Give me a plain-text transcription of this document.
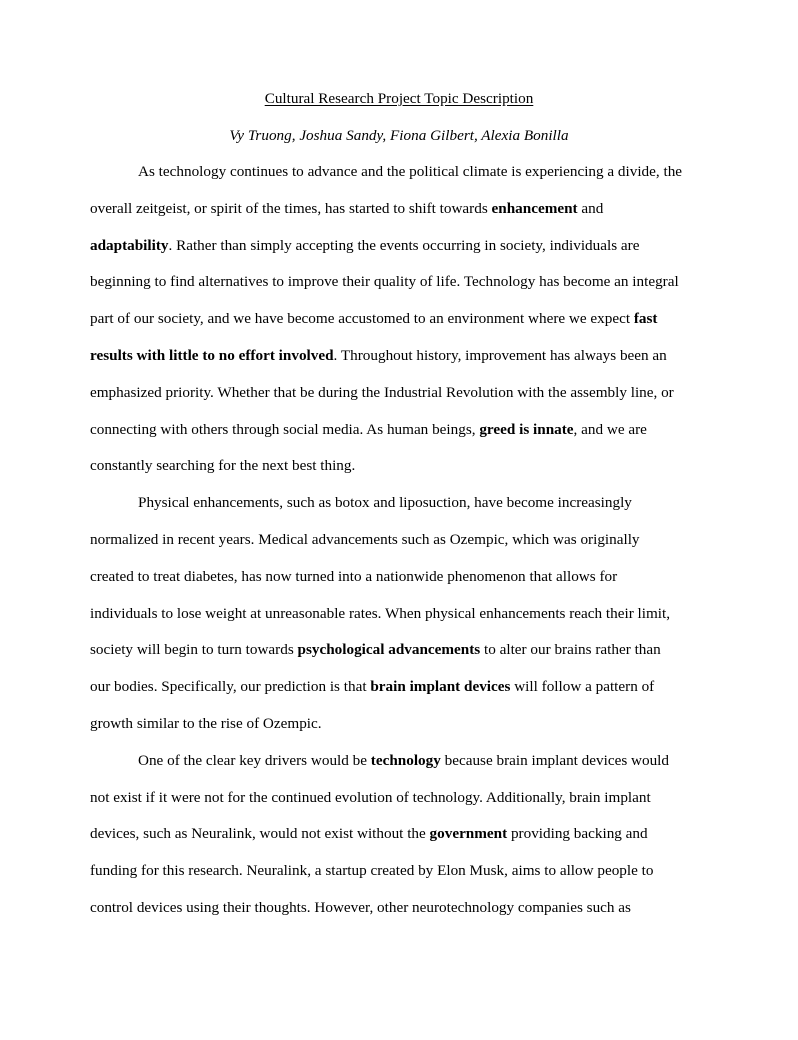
Cultural Research Project Topic Description
Vy Truong, Joshua Sandy, Fiona Gilbert, Alexia Bonilla
As technology continues to advance and the political climate is experiencing a divide, the
overall zeitgeist, or spirit of the times, has started to shift towards enhancement and
adaptability. Rather than simply accepting the events occurring in society, individuals are
beginning to find alternatives to improve their quality of life. Technology has become an integral
part of our society, and we have become accustomed to an environment where we expect fast
results with little to no effort involved. Throughout history, improvement has always been an
emphasized priority. Whether that be during the Industrial Revolution with the assembly line, or
connecting with others through social media. As human beings, greed is innate, and we are
constantly searching for the next best thing.
Physical enhancements, such as botox and liposuction, have become increasingly
normalized in recent years. Medical advancements such as Ozempic, which was originally
created to treat diabetes, has now turned into a nationwide phenomenon that allows for
individuals to lose weight at unreasonable rates. When physical enhancements reach their limit,
society will begin to turn towards psychological advancements to alter our brains rather than
our bodies. Specifically, our prediction is that brain implant devices will follow a pattern of
growth similar to the rise of Ozempic.
One of the clear key drivers would be technology because brain implant devices would
not exist if it were not for the continued evolution of technology. Additionally, brain implant
devices, such as Neuralink, would not exist without the government providing backing and
funding for this research. Neuralink, a startup created by Elon Musk, aims to allow people to
control devices using their thoughts. However, other neurotechnology companies such as
